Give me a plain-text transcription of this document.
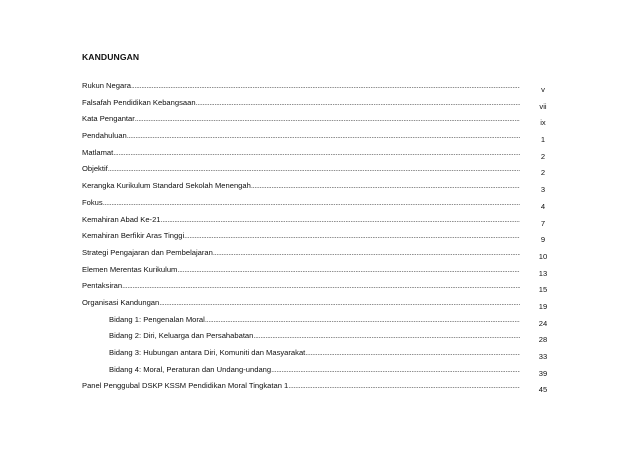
KANDUNGAN
Rukun Negara .....	v
Falsafah Pendidikan Kebangsaan .....	vii
Kata Pengantar .....	ix
Pendahuluan .....	1
Matlamat .....	2
Objektif .....	2
Kerangka Kurikulum Standard Sekolah Menengah .....	3
Fokus .....	4
Kemahiran Abad Ke-21 .....	7
Kemahiran Berfikir Aras Tinggi .....	9
Strategi Pengajaran dan Pembelajaran .....	10
Elemen Merentas Kurikulum .....	13
Pentaksiran .....	15
Organisasi Kandungan .....	19
Bidang 1: Pengenalan Moral .....	24
Bidang 2: Diri, Keluarga dan Persahabatan .....	28
Bidang 3: Hubungan antara Diri, Komuniti dan Masyarakat .....	33
Bidang 4: Moral, Peraturan dan Undang-undang .....	39
Panel Penggubal DSKP KSSM Pendidikan Moral Tingkatan 1 .....	45
